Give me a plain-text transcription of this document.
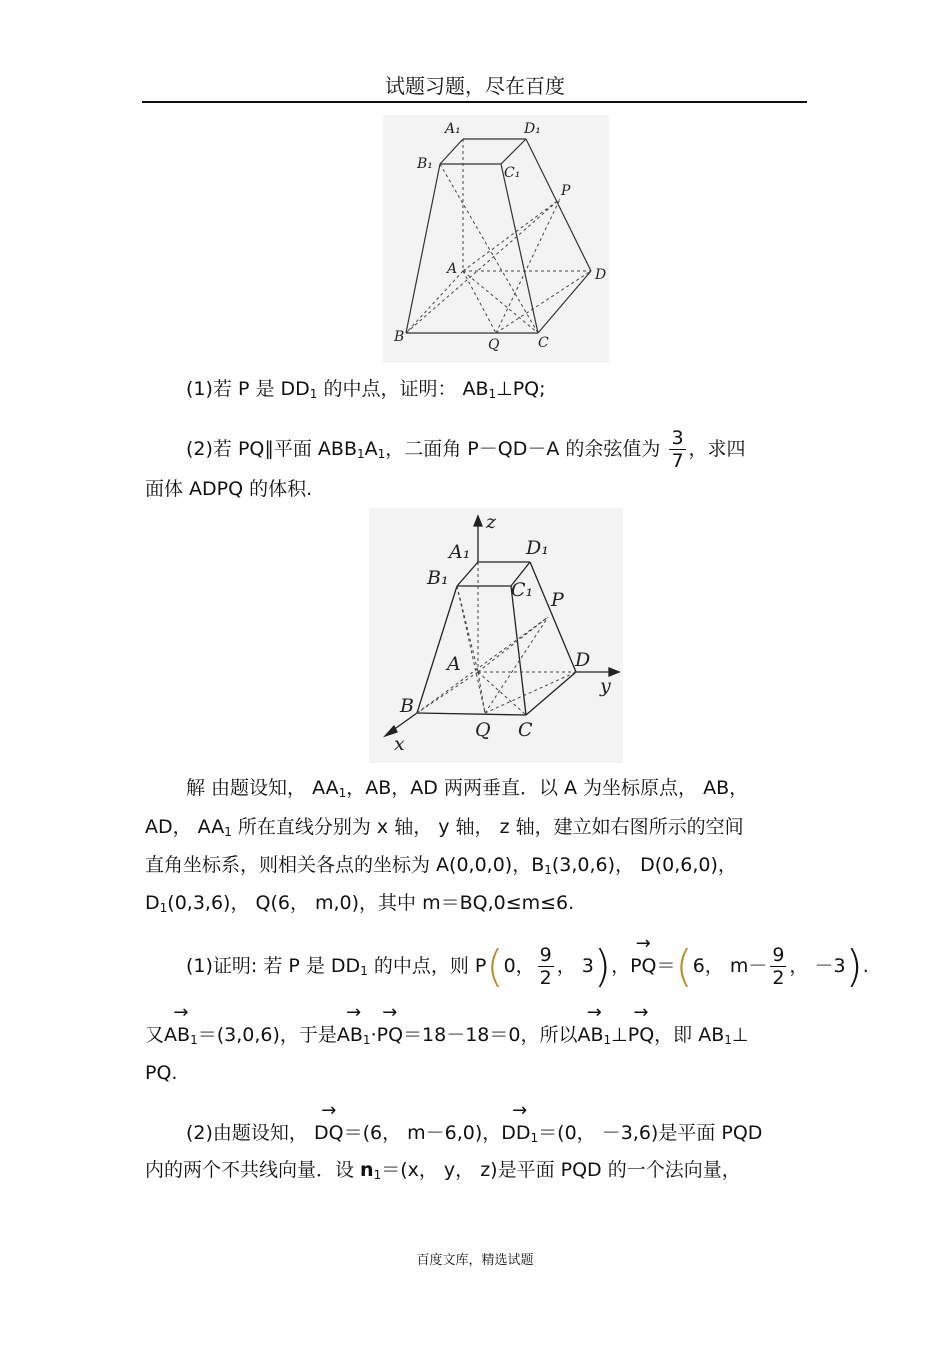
试题习题，尽在百度
A₁	D₁
B₁
C₁
P
A	D
B	Q	C
(1)若 P 是 $DD_1$ 的中点，证明： $AB_1\perp PQ$;
(2)若 PQ∥平面 $ABB_1A_1$，二面角 P－QD－A 的余弦值为 $\frac{3}{7}$ ，求四
面体 ADPQ 的体积.
z
A₁	D₁
B₁
C₁ P
A	D
y
B
Q C
x
解 由题设知， $AA_1$，AB，AD 两两垂直．以 A 为坐标原点， AB，
AD， $AA_1$ 所在直线分别为 x 轴， y 轴， z 轴，建立如右图所示的空间
直角坐标系，则相关各点的坐标为 A(0,0,0)，$B_1(3,0,6)$， D(0,6,0)，
$D_1(0,3,6)$， Q(6， m,0)，其中 m＝BQ,0≤m≤6.
(1)证明: 若 P 是 $DD_1$ 的中点，则 P(0， $\frac{9}{2}$ ， 3)，→ PQ＝(6， $m- \frac{9}{2}$ ， －3).
又→ $AB_1=(3,0,6)$，于是→ $AB_1\cdot\to PQ=18-18=0$，所以→ $AB_1\perp\to$ PQ，即 $AB_1\perp$
PQ.
(2)由题设知， → DQ＝(6， m－6,0)，→ $DD_1=(0$， －3,6)是平面 PQD
内的两个不共线向量．设 $n_1=(x$， y， z)是平面 PQD 的一个法向量，
百度文库，精选试题
